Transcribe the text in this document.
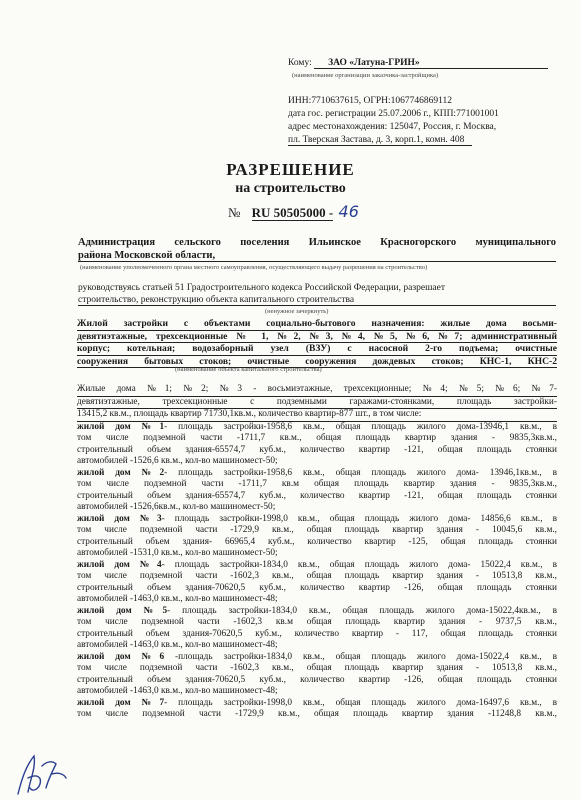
Кому: ЗАО «Латуна-ГРИН»
(наименование организации заказчика-застройщика)
ИНН:7710637615, ОГРН:1067746869112
дата гос. регистрации 25.07.2006 г., КПП:771001001
адрес местонахождения: 125047, Россия, г. Москва,
пл. Тверская Застава, д. 3, корп.1, комн. 408
РАЗРЕШЕНИЕ
на строительство
№ RU 50505000 - 46
Администрация сельского поселения Ильинское Красногорского муниципального
района Московской области,
(наименование уполномоченного органа местного самоуправления, осуществляющего выдачу разрешения на строительство)
руководствуясь статьей 51 Градостроительного кодекса Российской Федерации, разрешает
строительство, реконструкцию объекта капитального строительства
(ненужное зачеркнуть)
Жилой застройки с объектами социально-бытового назначения: жилые дома восьми-
девятиэтажные, трехсекционные № 1, №2, №3, №4, №5, №6, №7; административный
корпус; котельная; водозаборный узел (ВЗУ) с насосной 2-го подъема; очистные
сооружения бытовых стоков; очистные сооружения дождевых стоков; КНС-1, КНС-2
(наименование объекта капитального строительства)
Жилые дома №1; №2; №3 - восьмиэтажные, трехсекционные; №4; №5; №6; №7-
девятиэтажные, трехсекционные с подземными гаражами-стоянками, площадь застройки-
13415,2 кв.м., площадь квартир 71730,1кв.м., количество квартир-877 шт., в том числе:
жилой дом №1- площадь застройки-1958,6 кв.м., общая площадь жилого дома-13946,1 кв.м., в
том числе подземной части -1711,7 кв.м., общая площадь квартир здания - 9835,3кв.м.,
строительный объем здания-65574,7 куб.м., количество квартир -121, общая площадь стоянки
автомобилей -1526,6 кв.м., кол-во машиномест-50;
жилой дом №2- площадь застройки-1958,6 кв.м., общая площадь жилого дома- 13946,1кв.м., в
том числе подземной части -1711,7 кв.м общая площадь квартир здания - 9835,3кв.м.,
строительный объем здания-65574,7 куб.м., количество квартир -121, общая площадь стоянки
автомобилей -1526,6кв.м., кол-во машиномест-50;
жилой дом №3- площадь застройки-1998,0 кв.м., общая площадь жилого дома- 14856,6 кв.м., в
том числе подземной части -1729,9 кв.м., общая площадь квартир здания - 10045,6 кв.м.,
строительный объем здания- 66965,4 куб.м., количество квартир -125, общая площадь стоянки
автомобилей -1531,0 кв.м., кол-во машиномест-50;
жилой дом №4- площадь застройки-1834,0 кв.м., общая площадь жилого дома- 15022,4 кв.м., в
том числе подземной части -1602,3 кв.м., общая площадь квартир здания - 10513,8 кв.м.,
строительный объем здания-70620,5 куб.м., количество квартир -126, общая площадь стоянки
автомобилей -1463,0 кв.м., кол-во машиномест-48;
жилой дом №5- площадь застройки-1834,0 кв.м., общая площадь жилого дома-15022,4кв.м., в
том числе подземной части -1602,3 кв.м общая площадь квартир здания - 9737,5 кв.м.,
строительный объем здания-70620,5 куб.м., количество квартир - 117, общая площадь стоянки
автомобилей -1463,0 кв.м., кол-во машиномест-48;
жилой дом №6 -площадь застройки-1834,0 кв.м., общая площадь жилого дома-15022,4 кв.м., в
том числе подземной части -1602,3 кв.м., общая площадь квартир здания - 10513,8 кв.м.,
строительный объем здания-70620,5 куб.м., количество квартир -126, общая площадь стоянки
автомобилей -1463,0 кв.м., кол-во машиномест-48;
жилой дом №7- площадь застройки-1998,0 кв.м., общая площадь жилого дома-16497,6 кв.м., в
том числе подземной части -1729,9 кв.м., общая площадь квартир здания -11248,8 кв.м.,
